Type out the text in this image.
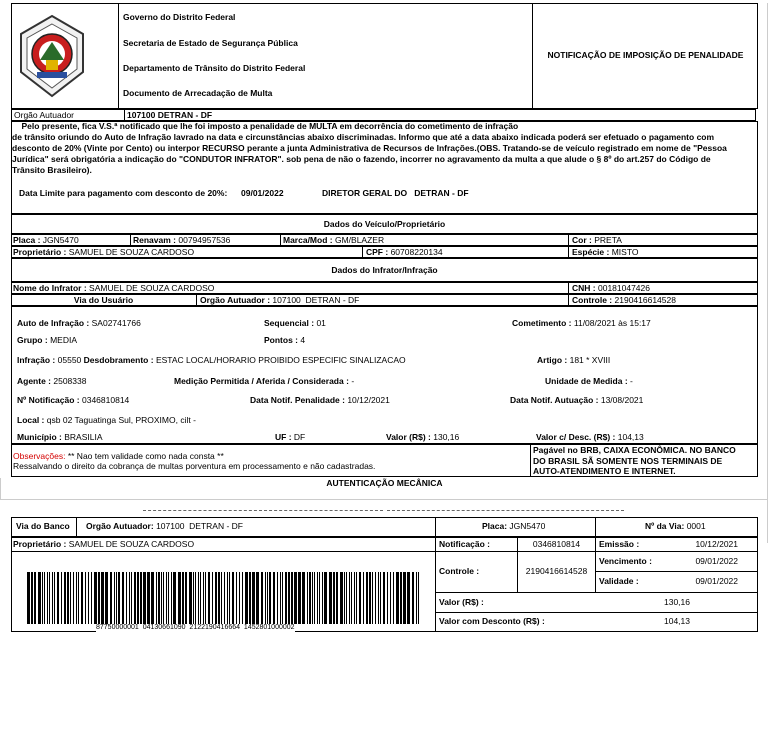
Governo do Distrito Federal
Secretaria de Estado de Segurança Pública
Departamento de Trânsito do Distrito Federal
Documento de Arrecadação de Multa
NOTIFICAÇÃO DE IMPOSIÇÃO DE PENALIDADE
Orgão Autuador	107100 DETRAN - DF
Pelo presente, fica V.S.ª notificado que lhe foi imposto a penalidade de MULTA em decorrência do cometimento de infração
de trânsito oriundo do Auto de Infração lavrado na data e circunstâncias abaixo discriminadas. Informo que até a data abaixo indicada poderá ser efetuado o pagamento com
desconto de 20% (Vinte por Cento) ou interpor RECURSO perante a junta Administrativa de Recursos de Infrações.(OBS. Tratando-se de veículo registrado em nome de "Pessoa
Jurídica" será obrigatória a indicação do "CONDUTOR INFRATOR". sob pena de não o fazendo, incorrer no agravamento da multa a que alude o § 8º do art.257 do Código de
Trânsito Brasileiro).
Data Limite para pagamento com desconto de 20%: 09/01/2022	DIRETOR GERAL DO   DETRAN - DF
Dados do Veículo/Proprietário
Placa : JGN5470	Renavam : 00794957536	Marca/Mod : GM/BLAZER	Cor : PRETA
Proprietário : SAMUEL DE SOUZA CARDOSO	CPF : 60708220134	Espécie : MISTO
Dados do Infrator/Infração
Nome do Infrator : SAMUEL DE SOUZA CARDOSO	CNH : 00181047426
Via do Usuário	Orgão Autuador : 107100  DETRAN - DF	Controle : 2190416614528
Auto de Infração : SA02741766	Sequencial : 01	Cometimento : 11/08/2021 às 15:17
Grupo : MEDIA	Pontos : 4
Infração : 05550 Desdobramento : ESTAC LOCAL/HORARIO PROIBIDO ESPECIFIC SINALIZACAO	Artigo : 181 * XVIII
Agente : 2508338	Medição Permitida / Aferida / Considerada : -	Unidade de Medida : -
Nº Notificação : 0346810814	Data Notif. Penalidade : 10/12/2021	Data Notif. Autuação : 13/08/2021
Local : qsb 02 Taguatinga Sul, PROXIMO, cilt -
Município : BRASILIA	UF : DF	Valor (R$) : 130,16	Valor c/ Desc. (R$) : 104,13
Observações: ** Nao tem validade como nada consta **
Ressalvando o direito da cobrança de multas porventura em processamento e não cadastradas.
Pagável no BRB, CAIXA ECONÔMICA. NO BANCO
DO BRASIL SÃ SOMENTE NOS TERMINAIS DE
AUTO-ATENDIMENTO E INTERNET.
AUTENTICAÇÃO MECÂNICA
Via do Banco Orgão Autuador: 107100  DETRAN - DF	Placa: JGN5470	Nº da Via: 0001
Proprietário : SAMUEL DE SOUZA CARDOSO	Notificação :	0346810814	Emissão :	10/12/2021
Controle :	2190416614528
Vencimento :	09/01/2022
Validade :	09/01/2022
Valor (R$) :	130,16
Valor com Desconto (R$) :	104,13
87750000001  04130661090  2122190416664  1452801000002
